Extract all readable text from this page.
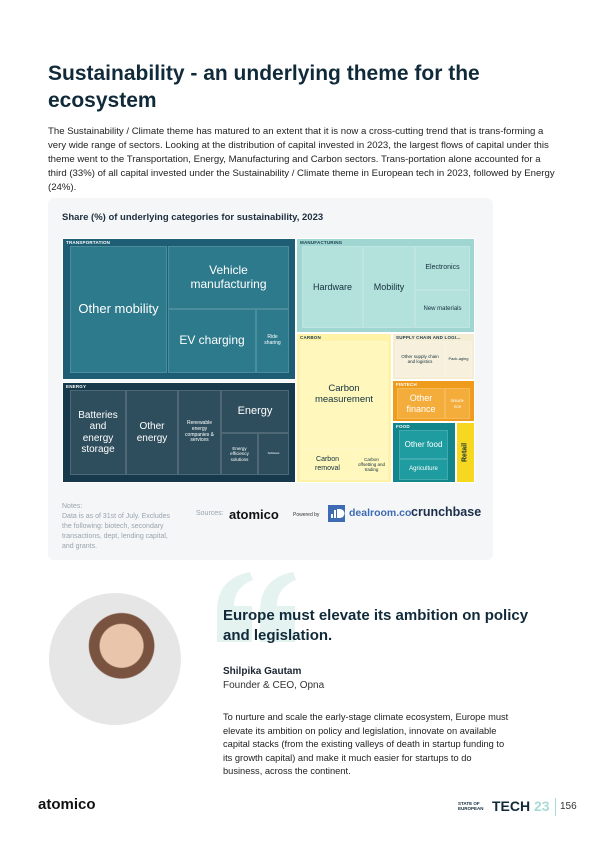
Sustainability - an underlying theme for the ecosystem

The Sustainability / Climate theme has matured to an extent that it is now a cross-cutting trend that is trans-forming a very wide range of sectors. Looking at the distribution of capital invested in 2023, the largest flows of capital under this theme went to the Transportation, Energy, Manufacturing and Carbon sectors. Trans-portation alone accounted for a third (33%) of all capital invested under the Sustainability / Climate theme in European tech in 2023, followed by Energy (24%).

Share (%) of underlying categories for sustainability, 2023
TRANSPORTATION
Other mobility
Vehicle manufacturing
EV charging	Ride sharing
ENERGY
Batteries and energy storage
Other energy
Renewable energy companies & services
Energy
Energy efficiency solutions
Software
MANUFACTURING
Hardware	Mobility
Electronics
New materials
CARBON
Carbon measurement
Carbon removal
Carbon offsetting and trading
SUPPLY CHAIN AND LOGI...
Other supply chain and logistics
Pack-aging
FINTECH
Other finance
Insura-nce
FOOD
Other food
Agriculture
Retail
Notes:
Data is as of 31st of July. Excludes the following: biotech, secondary transactions, dept, lending capital, and grants.
Sources: atomico	Powered by	dealroom.co crunchbase
Europe must elevate its ambition on policy and legislation.
Shilpika Gautam
Founder & CEO, Opna
To nurture and scale the early-stage climate ecosystem, Europe must elevate its ambition on policy and legislation, innovate on available capital stacks (from the existing valleys of death in startup funding to its growth capital) and make it much easier for startups to do business, across the continent.
atomico	STATE OF EUROPEAN TECH 23 156
